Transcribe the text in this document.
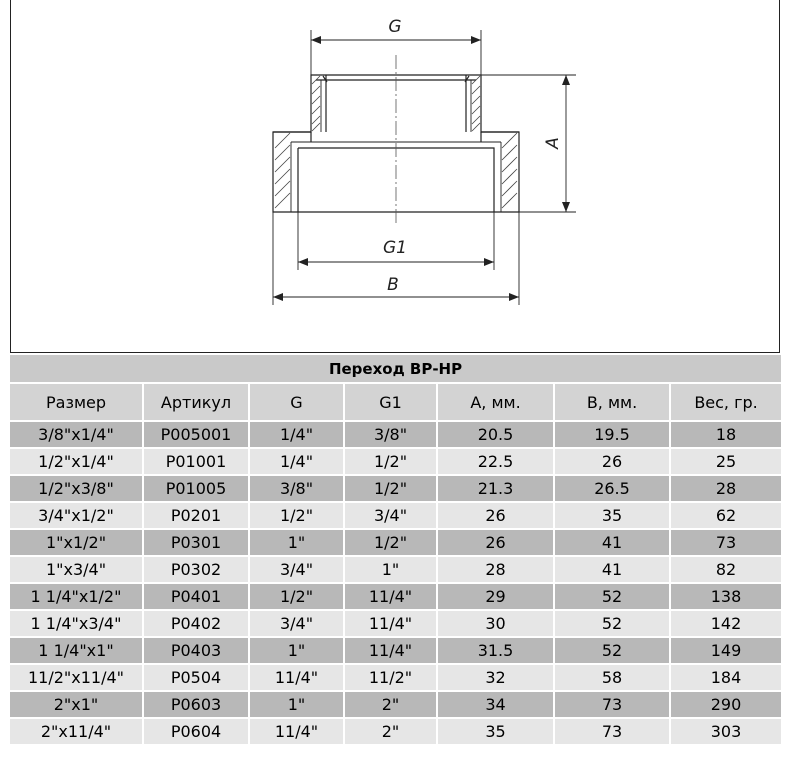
G
G1
B
A
Переход ВР-НР						
Размер	Артикул	G	G1	A, мм.	B, мм.	Вес, гр.
3/8"x1/4"	P005001	1/4"	3/8"	20.5	19.5	18
1/2"x1/4"	P01001	1/4"	1/2"	22.5	26	25
1/2"x3/8"	P01005	3/8"	1/2"	21.3	26.5	28
3/4"x1/2"	P0201	1/2"	3/4"	26	35	62
1"x1/2"	P0301	1"	1/2"	26	41	73
1"x3/4"	P0302	3/4"	1"	28	41	82
1 1/4"x1/2"	P0401	1/2"	11/4"	29	52	138
1 1/4"x3/4"	P0402	3/4"	11/4"	30	52	142
1 1/4"x1"	P0403	1"	11/4"	31.5	52	149
11/2"x11/4"	P0504	11/4"	11/2"	32	58	184
2"x1"	P0603	1"	2"	34	73	290
2"x11/4"	P0604	11/4"	2"	35	73	303
